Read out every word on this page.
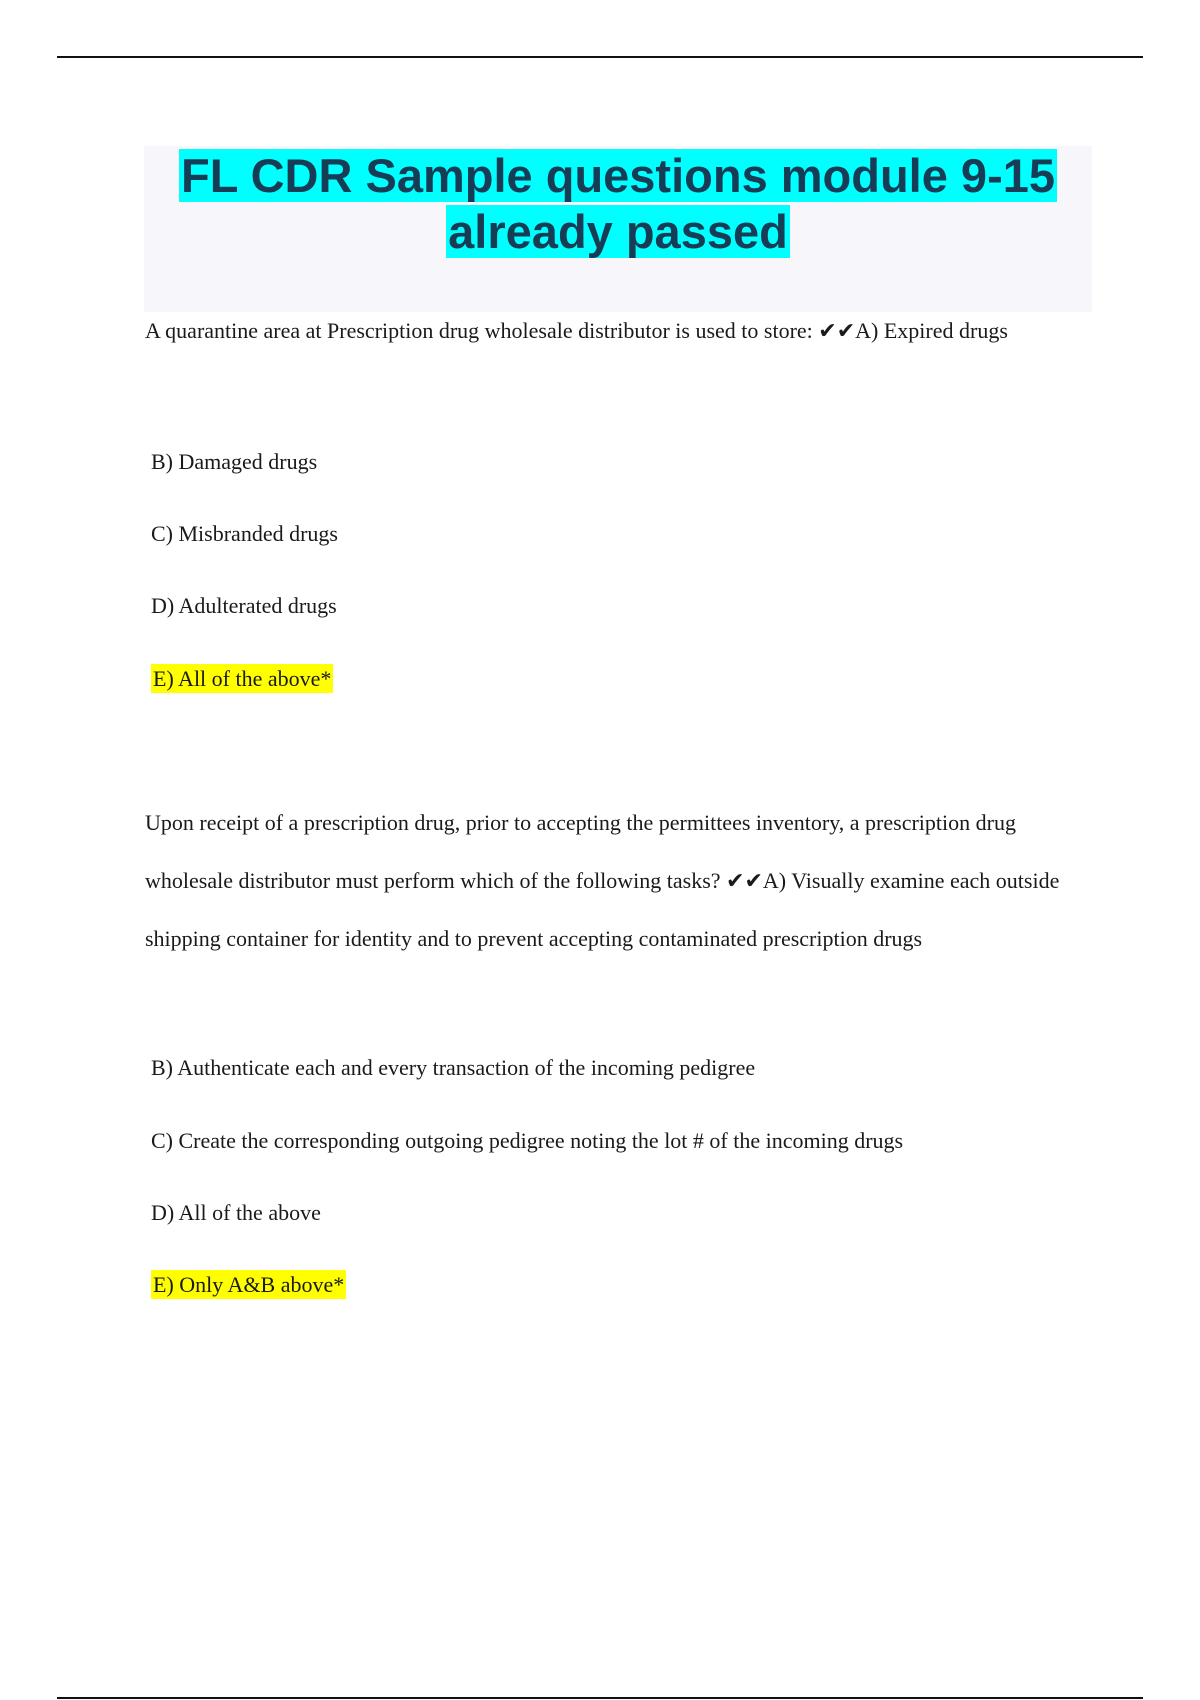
FL CDR Sample questions module 9-15
already passed

A quarantine area at Prescription drug wholesale distributor is used to store: ✔✔A) Expired drugs

B) Damaged drugs
C) Misbranded drugs
D) Adulterated drugs
E) All of the above*

Upon receipt of a prescription drug, prior to accepting the permittees inventory, a prescription drug wholesale distributor must perform which of the following tasks? ✔✔A) Visually examine each outside shipping container for identity and to prevent accepting contaminated prescription drugs

B) Authenticate each and every transaction of the incoming pedigree
C) Create the corresponding outgoing pedigree noting the lot # of the incoming drugs
D) All of the above
E) Only A&B above*
